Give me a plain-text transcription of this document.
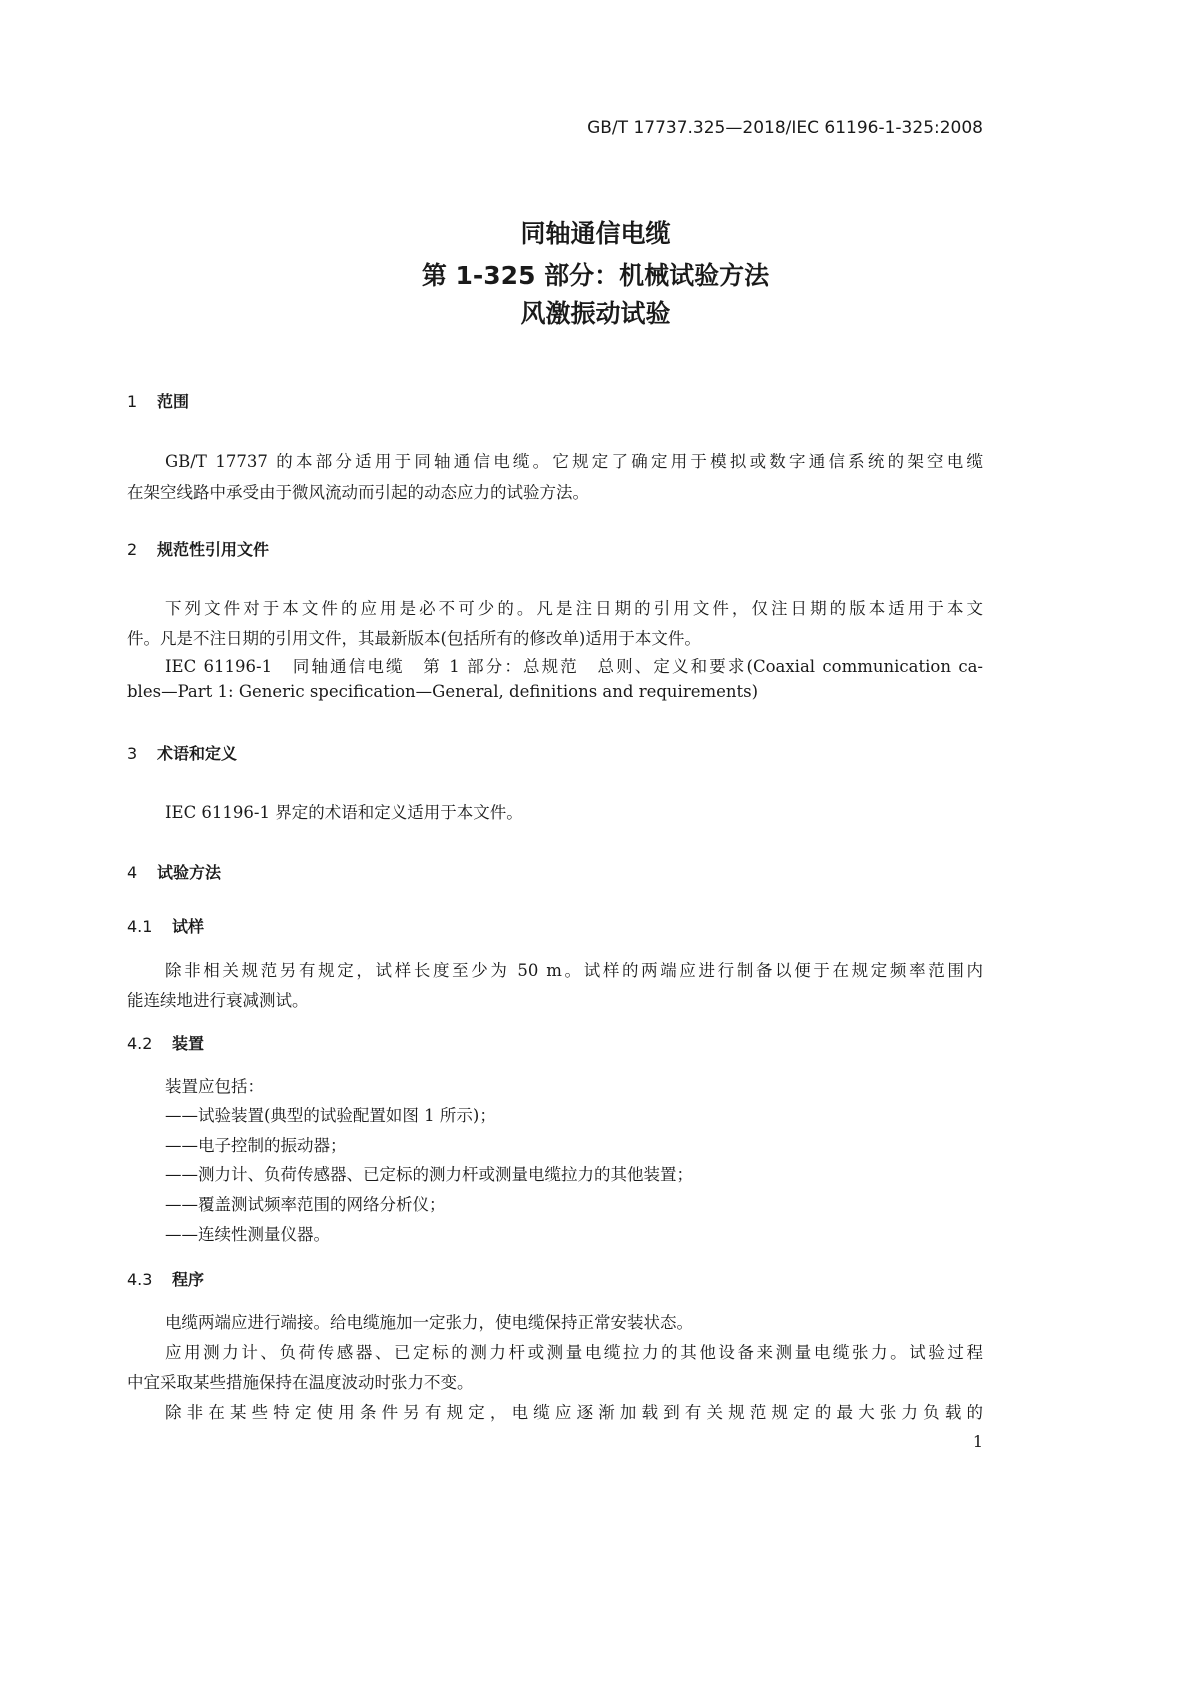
GB/T 17737.325—2018/IEC 61196-1-325:2008
同轴通信电缆
第 1-325 部分：机械试验方法
风激振动试验
1 范围
GB/T 17737 的本部分适用于同轴通信电缆。它规定了确定用于模拟或数字通信系统的架空电缆
在架空线路中承受由于微风流动而引起的动态应力的试验方法。
2 规范性引用文件
下列文件对于本文件的应用是必不可少的。凡是注日期的引用文件，仅注日期的版本适用于本文
件。凡是不注日期的引用文件，其最新版本(包括所有的修改单)适用于本文件。
IEC 61196-1　同轴通信电缆　第 1 部分：总规范　总则、定义和要求(Coaxial communication ca-
bles—Part 1: Generic specification—General, definitions and requirements)
3 术语和定义
IEC 61196-1 界定的术语和定义适用于本文件。
4 试验方法
4.1 试样
除非相关规范另有规定，试样长度至少为 50 m。试样的两端应进行制备以便于在规定频率范围内
能连续地进行衰减测试。
4.2 装置
装置应包括：
——试验装置(典型的试验配置如图 1 所示)；
——电子控制的振动器；
——测力计、负荷传感器、已定标的测力杆或测量电缆拉力的其他装置；
——覆盖测试频率范围的网络分析仪；
——连续性测量仪器。
4.3 程序
电缆两端应进行端接。给电缆施加一定张力，使电缆保持正常安装状态。
应用测力计、负荷传感器、已定标的测力杆或测量电缆拉力的其他设备来测量电缆张力。试验过程
中宜采取某些措施保持在温度波动时张力不变。
除非在某些特定使用条件另有规定，电缆应逐渐加载到有关规范规定的最大张力负载的
1
